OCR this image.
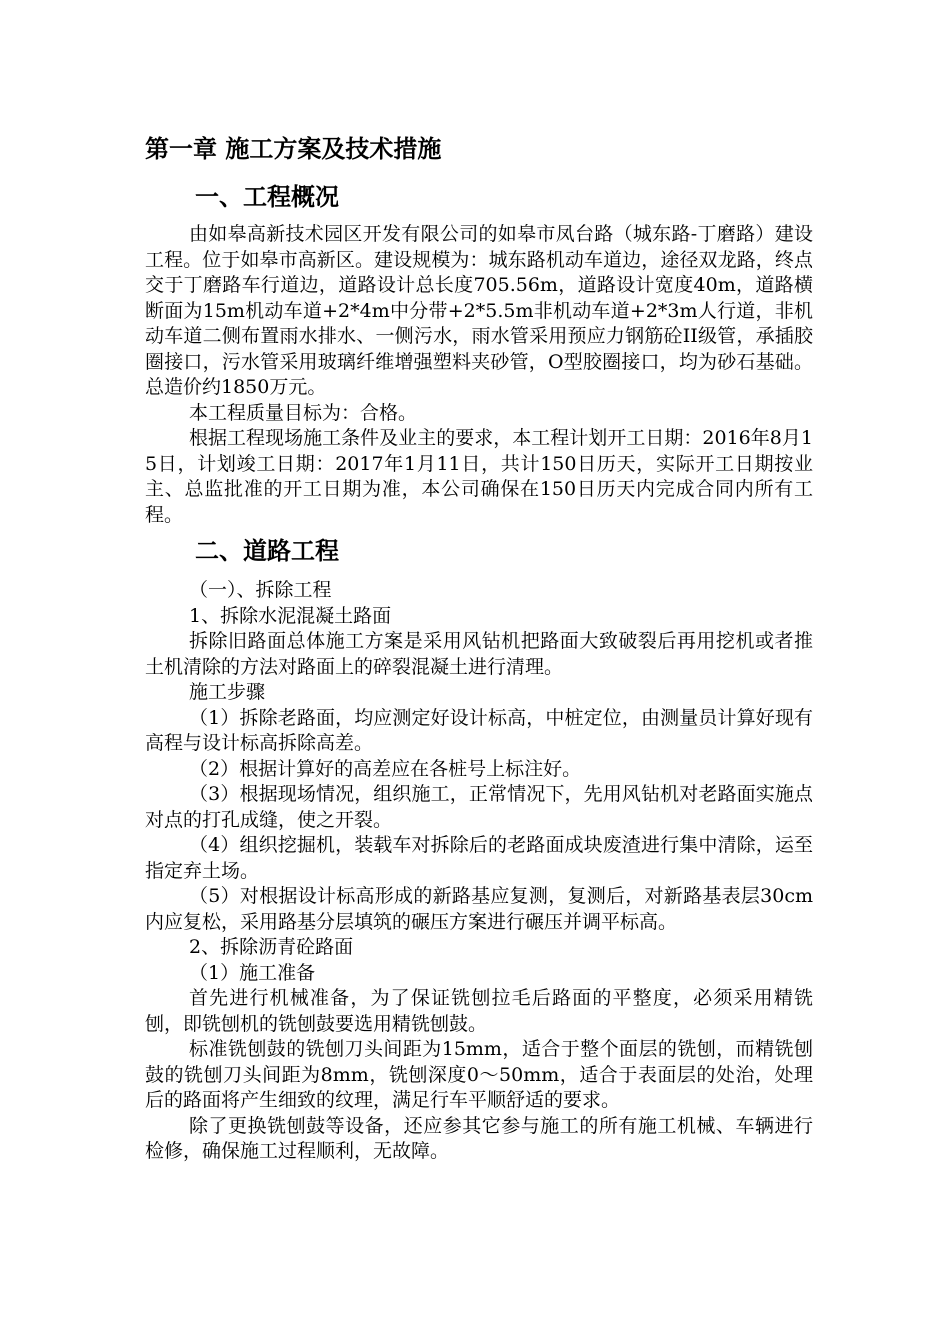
第一章 施工方案及技术措施
一、工程概况

由如皋高新技术园区开发有限公司的如皋市凤台路（城东路-丁磨路）建设工程。位于如皋市高新区。建设规模为：城东路机动车道边，途径双龙路，终点交于丁磨路车行道边，道路设计总长度705.56m，道路设计宽度40m，道路横断面为15m机动车道+2*4m中分带+2*5.5m非机动车道+2*3m人行道，非机动车道二侧布置雨水排水、一侧污水，雨水管采用预应力钢筋砼II级管，承插胶圈接口，污水管采用玻璃纤维增强塑料夹砂管，O型胶圈接口，均为砂石基础。总造价约1850万元。

本工程质量目标为：合格。

根据工程现场施工条件及业主的要求，本工程计划开工日期：2016年8月15日，计划竣工日期：2017年1月11日，共计150日历天，实际开工日期按业主、总监批准的开工日期为准，本公司确保在150日历天内完成合同内所有工程。

二、道路工程

（一）、拆除工程

1、拆除水泥混凝土路面

拆除旧路面总体施工方案是采用风钻机把路面大致破裂后再用挖机或者推土机清除的方法对路面上的碎裂混凝土进行清理。

施工步骤

（1）拆除老路面，均应测定好设计标高，中桩定位，由测量员计算好现有高程与设计标高拆除高差。

（2）根据计算好的高差应在各桩号上标注好。

（3）根据现场情况，组织施工，正常情况下，先用风钻机对老路面实施点对点的打孔成缝，使之开裂。

（4）组织挖掘机，装载车对拆除后的老路面成块废渣进行集中清除，运至指定弃土场。

（5）对根据设计标高形成的新路基应复测，复测后，对新路基表层30cm内应复松，采用路基分层填筑的碾压方案进行碾压并调平标高。

2、拆除沥青砼路面

（1）施工准备

首先进行机械准备，为了保证铣刨拉毛后路面的平整度，必须采用精铣刨，即铣刨机的铣刨鼓要选用精铣刨鼓。

标准铣刨鼓的铣刨刀头间距为15mm，适合于整个面层的铣刨，而精铣刨鼓的铣刨刀头间距为8mm，铣刨深度0～50mm，适合于表面层的处治，处理后的路面将产生细致的纹理，满足行车平顺舒适的要求。

除了更换铣刨鼓等设备，还应参其它参与施工的所有施工机械、车辆进行检修，确保施工过程顺利，无故障。
